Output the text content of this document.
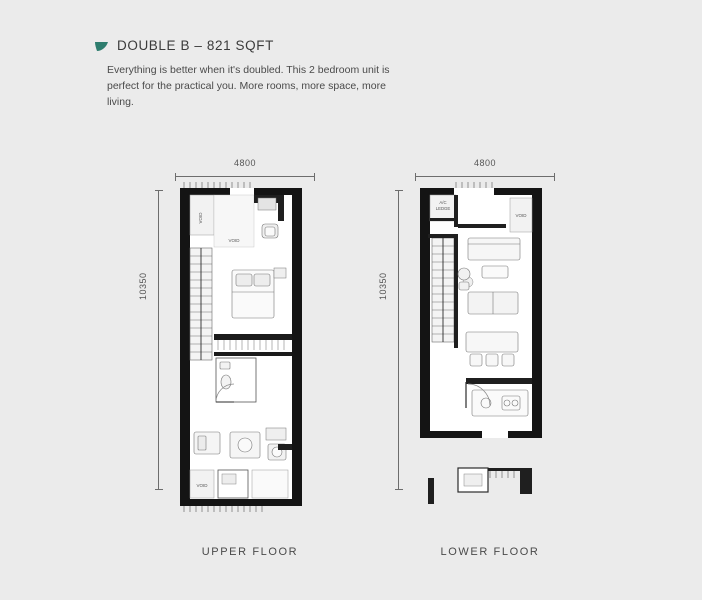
DOUBLE B – 821 SQFT
Everything is better when it's doubled. This 2 bedroom unit is perfect for the practical you. More rooms, more space, more living.
4800
10350
VOID
VOID
VOID
UPPER FLOOR
4800
10350
A/C
LEDGE
VOID
LOWER FLOOR
